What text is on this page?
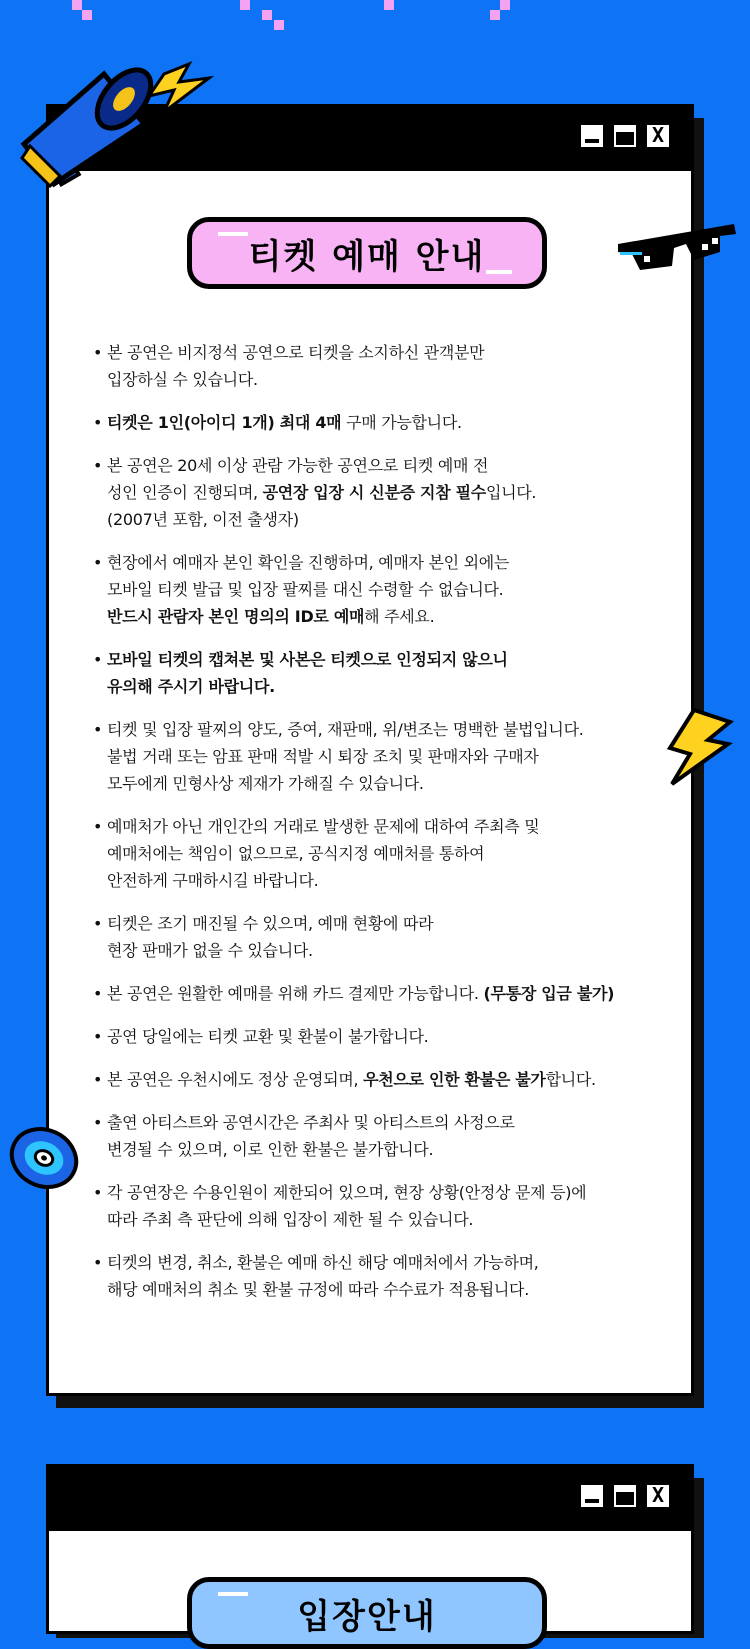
X
티켓 예매 안내
• 본 공연은 비지정석 공연으로 티켓을 소지하신 관객분만
입장하실 수 있습니다.
• 티켓은 1인(아이디 1개) 최대 4매 구매 가능합니다.
• 본 공연은 20세 이상 관람 가능한 공연으로 티켓 예매 전
성인 인증이 진행되며, 공연장 입장 시 신분증 지참 필수입니다.
(2007년 포함, 이전 출생자)
• 현장에서 예매자 본인 확인을 진행하며, 예매자 본인 외에는
모바일 티켓 발급 및 입장 팔찌를 대신 수령할 수 없습니다.
반드시 관람자 본인 명의의 ID로 예매해 주세요.
• 모바일 티켓의 캡쳐본 및 사본은 티켓으로 인정되지 않으니
유의해 주시기 바랍니다.
• 티켓 및 입장 팔찌의 양도, 증여, 재판매, 위/변조는 명백한 불법입니다.
불법 거래 또는 암표 판매 적발 시 퇴장 조치 및 판매자와 구매자
모두에게 민형사상 제재가 가해질 수 있습니다.
• 예매처가 아닌 개인간의 거래로 발생한 문제에 대하여 주최측 및
예매처에는 책임이 없으므로, 공식지정 예매처를 통하여
안전하게 구매하시길 바랍니다.
• 티켓은 조기 매진될 수 있으며, 예매 현황에 따라
현장 판매가 없을 수 있습니다.
• 본 공연은 원활한 예매를 위해 카드 결제만 가능합니다. (무통장 입금 불가)
• 공연 당일에는 티켓 교환 및 환불이 불가합니다.
• 본 공연은 우천시에도 정상 운영되며, 우천으로 인한 환불은 불가합니다.
• 출연 아티스트와 공연시간은 주최사 및 아티스트의 사정으로
변경될 수 있으며, 이로 인한 환불은 불가합니다.
• 각 공연장은 수용인원이 제한되어 있으며, 현장 상황(안정상 문제 등)에
따라 주최 측 판단에 의해 입장이 제한 될 수 있습니다.
• 티켓의 변경, 취소, 환불은 예매 하신 해당 예매처에서 가능하며,
해당 예매처의 취소 및 환불 규정에 따라 수수료가 적용됩니다.
X
입장안내
